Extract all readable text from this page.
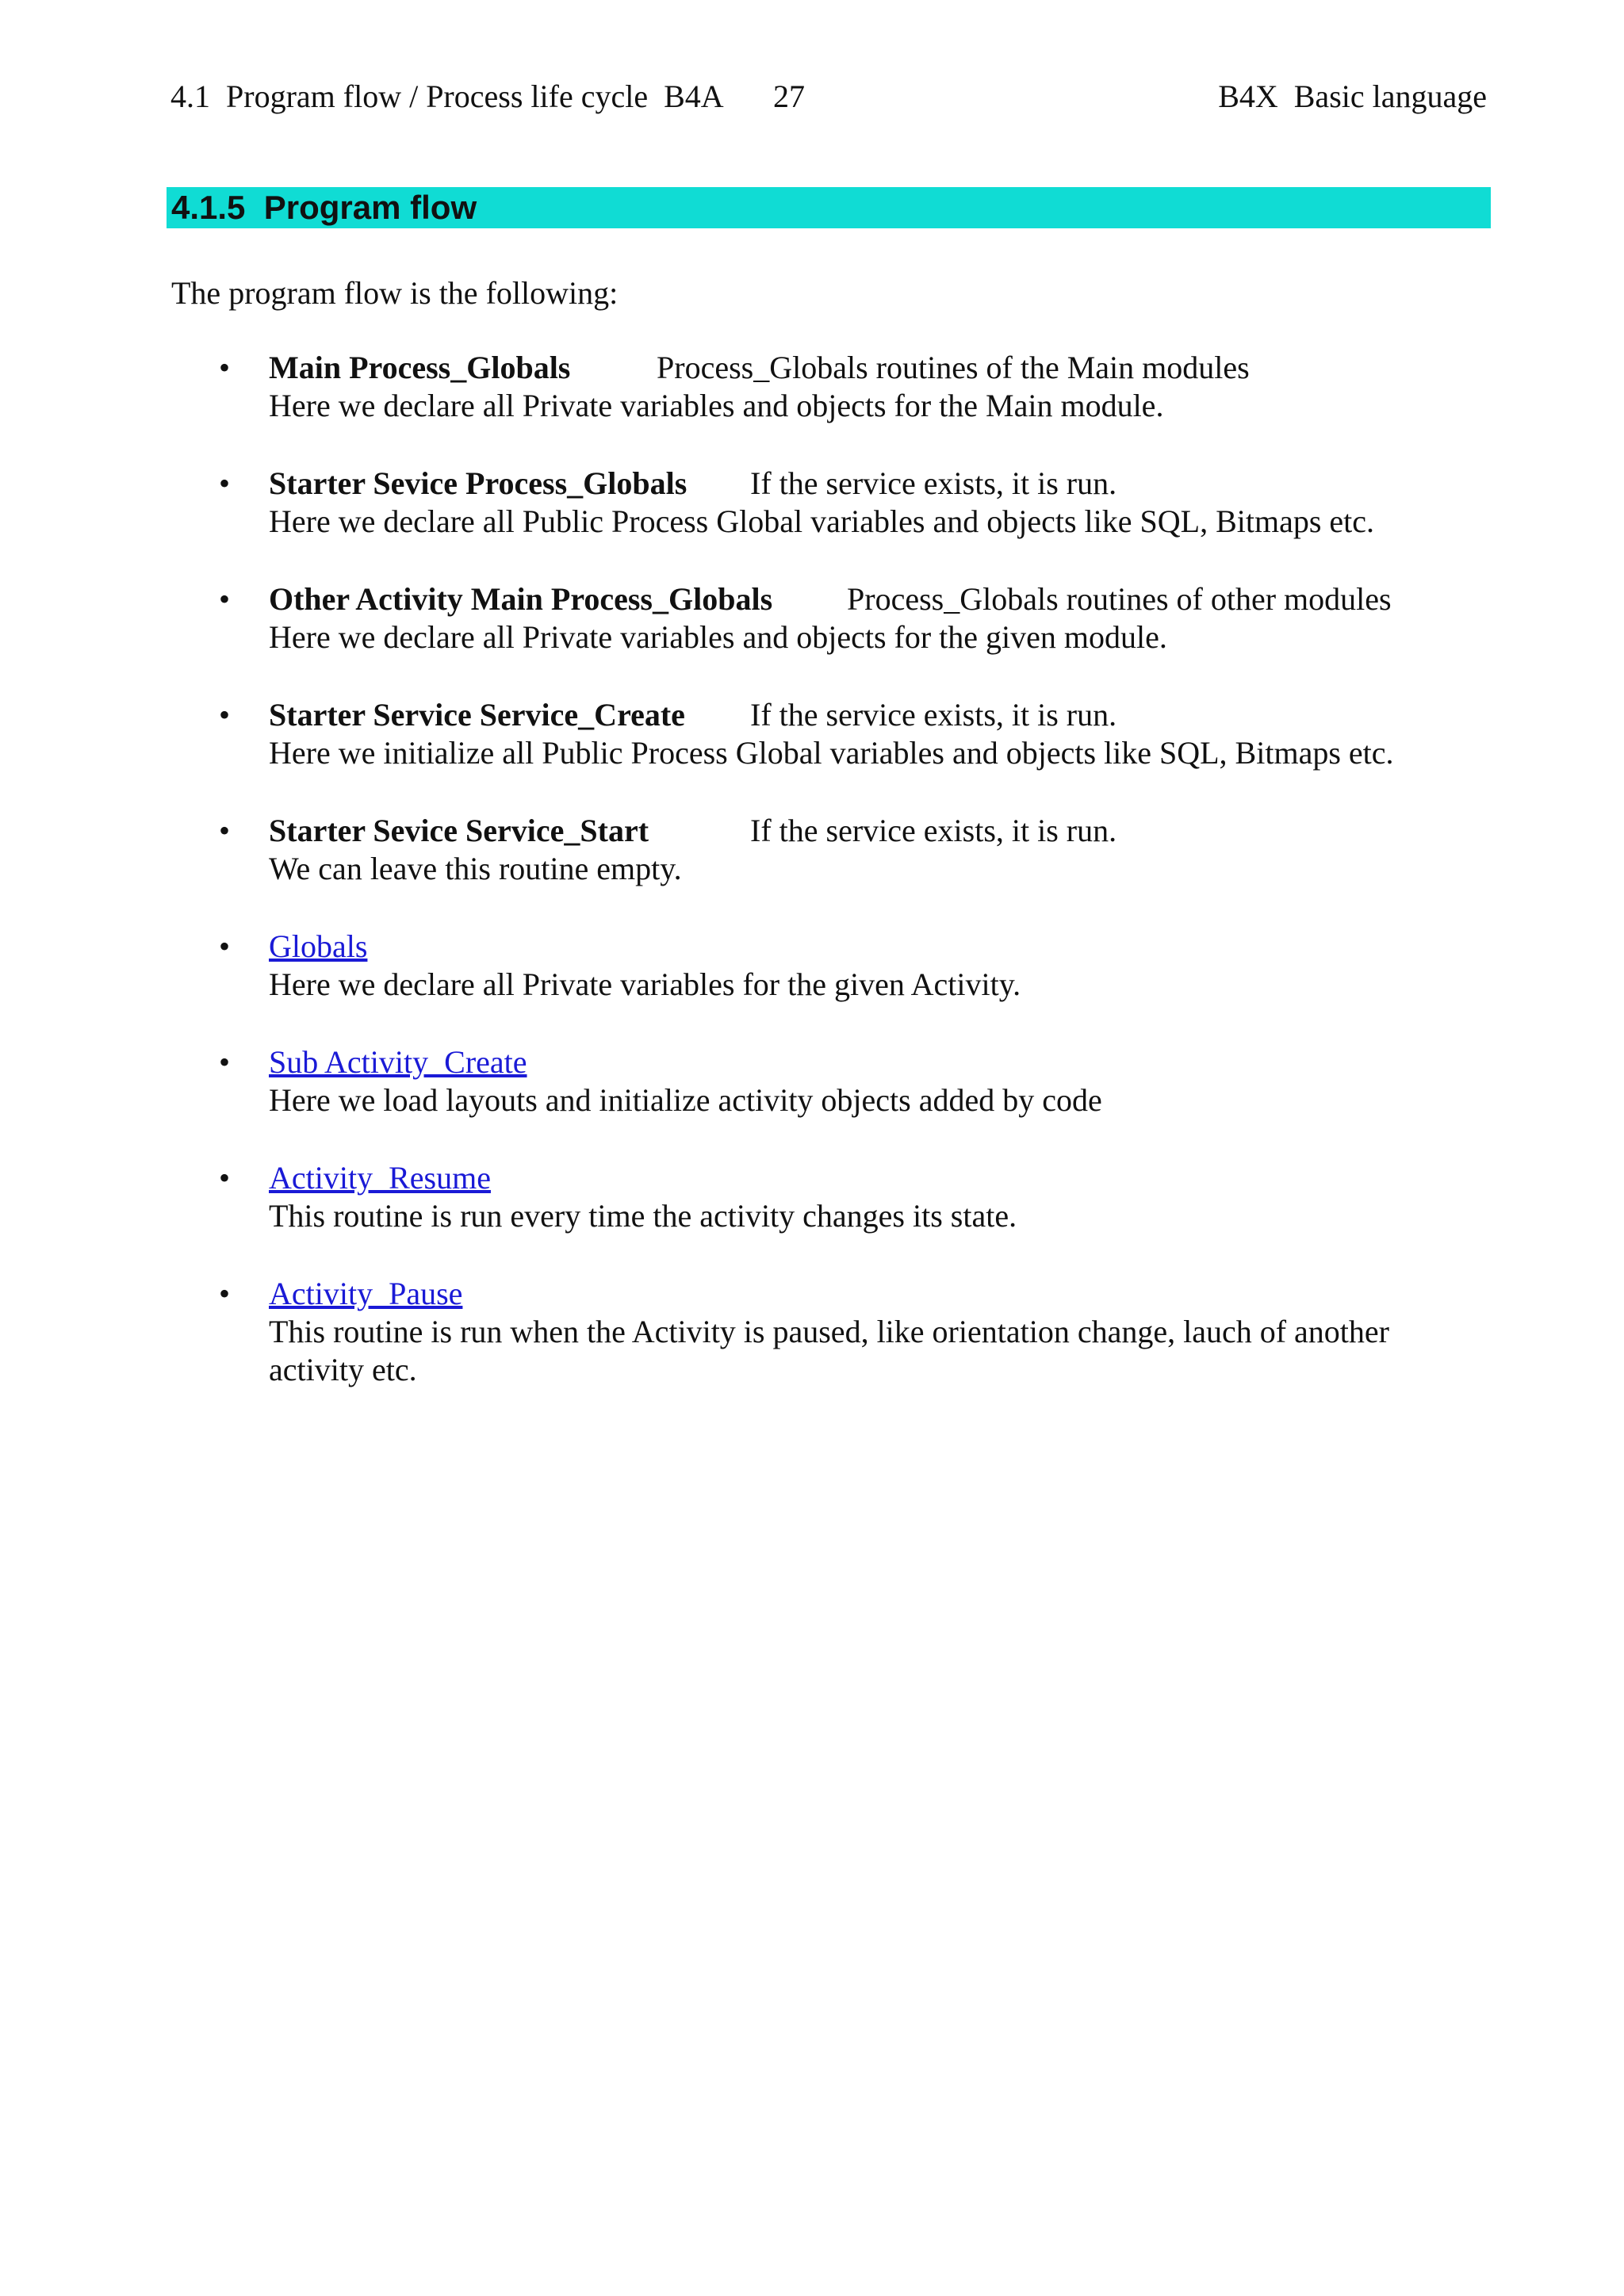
4.1  Program flow / Process life cycle  B4A 27	B4X  Basic language
4.1.5  Program flow
The program flow is the following:
• Main Process_Globals	Process_Globals routines of the Main modules
Here we declare all Private variables and objects for the Main module.
• Starter Sevice Process_Globals If the service exists, it is run.
Here we declare all Public Process Global variables and objects like SQL, Bitmaps etc.
• Other Activity Main Process_Globals Process_Globals routines of other modules
Here we declare all Private variables and objects for the given module.
• Starter Service Service_Create If the service exists, it is run.
Here we initialize all Public Process Global variables and objects like SQL, Bitmaps etc.
• Starter Sevice Service_Start	If the service exists, it is run.
We can leave this routine empty.
• Globals
Here we declare all Private variables for the given Activity.
• Sub Activity_Create
Here we load layouts and initialize activity objects added by code
• Activity_Resume
This routine is run every time the activity changes its state.
• Activity_Pause
This routine is run when the Activity is paused, like orientation change, lauch of another activity etc.
